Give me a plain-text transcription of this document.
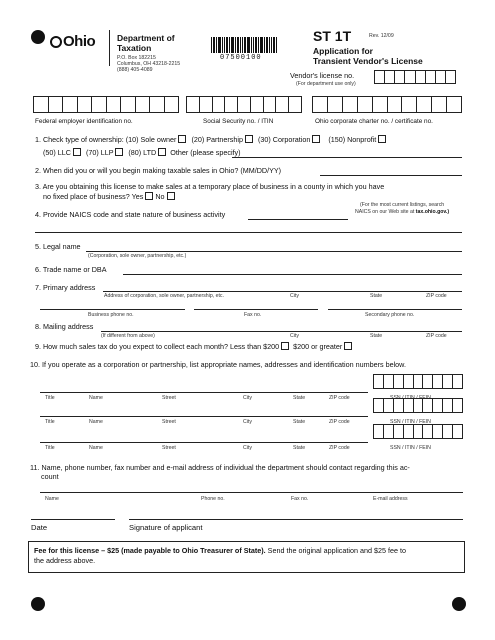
Ohio	Department of
Taxation
P.O. Box 182215
Columbus, OH 43218-2215
(888) 405-4089
07500100
ST 1T	Rev. 12/09
Application for
Transient Vendor's License
Vendor's license no.
(For department use only)
Federal employer identification no.	Social Security no. / ITIN	Ohio corporate charter no. / certificate no.
1. Check type of ownership: (10) Sole owner (20) Partnership (30) Corporation	(150) Nonprofit
(50) LLC (70) LLP (80) LTD Other (please specify)
2. When did you or will you begin making taxable sales in Ohio? (MM/DD/YY)
3. Are you obtaining this license to make sales at a temporary place of business in a county in which you have
no fixed place of business? Yes No
4. Provide NAICS code and state nature of business activity
(For the most current listings, search
NAICS on our Web site at tax.ohio.gov.)
5. Legal name
(Corporation, sole owner, partnership, etc.)
6. Trade name or DBA
7. Primary address
Address of corporation, sole owner, partnership, etc.	City	State	ZIP code
Business phone no.	Fax no.	Secondary phone no.
8. Mailing address
(If different from above)	City	State	ZIP code
9. How much sales tax do you expect to collect each month? Less than $200 $200 or greater
10. If you operate as a corporation or partnership, list appropriate names, addresses and identification numbers below.
Title	Name	Street	City	State	ZIP code	SSN / ITIN / FEIN
Title	Name	Street	City	State	ZIP code	SSN / ITIN / FEIN
Title	Name	Street	City	State	ZIP code	SSN / ITIN / FEIN
11. Name, phone number, fax number and e-mail address of individual the department should contact regarding this ac-
count
Name	Phone no.	Fax no.	E-mail address
Date	Signature of applicant
Fee for this license – $25 (made payable to Ohio Treasurer of State). Send the original application and $25 fee to
the address above.
